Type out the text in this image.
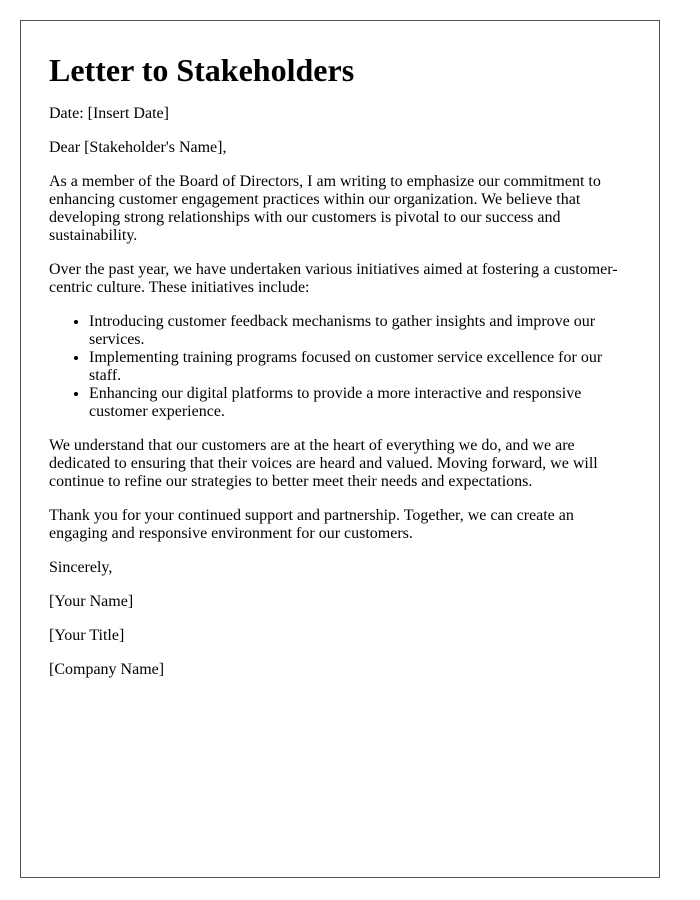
Letter to Stakeholders

Date: [Insert Date]

Dear [Stakeholder's Name],

As a member of the Board of Directors, I am writing to emphasize our commitment to enhancing customer engagement practices within our organization. We believe that developing strong relationships with our customers is pivotal to our success and sustainability.

Over the past year, we have undertaken various initiatives aimed at fostering a customer-centric culture. These initiatives include:

• Introducing customer feedback mechanisms to gather insights and improve our services.
• Implementing training programs focused on customer service excellence for our staff.
• Enhancing our digital platforms to provide a more interactive and responsive customer experience.

We understand that our customers are at the heart of everything we do, and we are dedicated to ensuring that their voices are heard and valued. Moving forward, we will continue to refine our strategies to better meet their needs and expectations.

Thank you for your continued support and partnership. Together, we can create an engaging and responsive environment for our customers.

Sincerely,

[Your Name]

[Your Title]

[Company Name]
